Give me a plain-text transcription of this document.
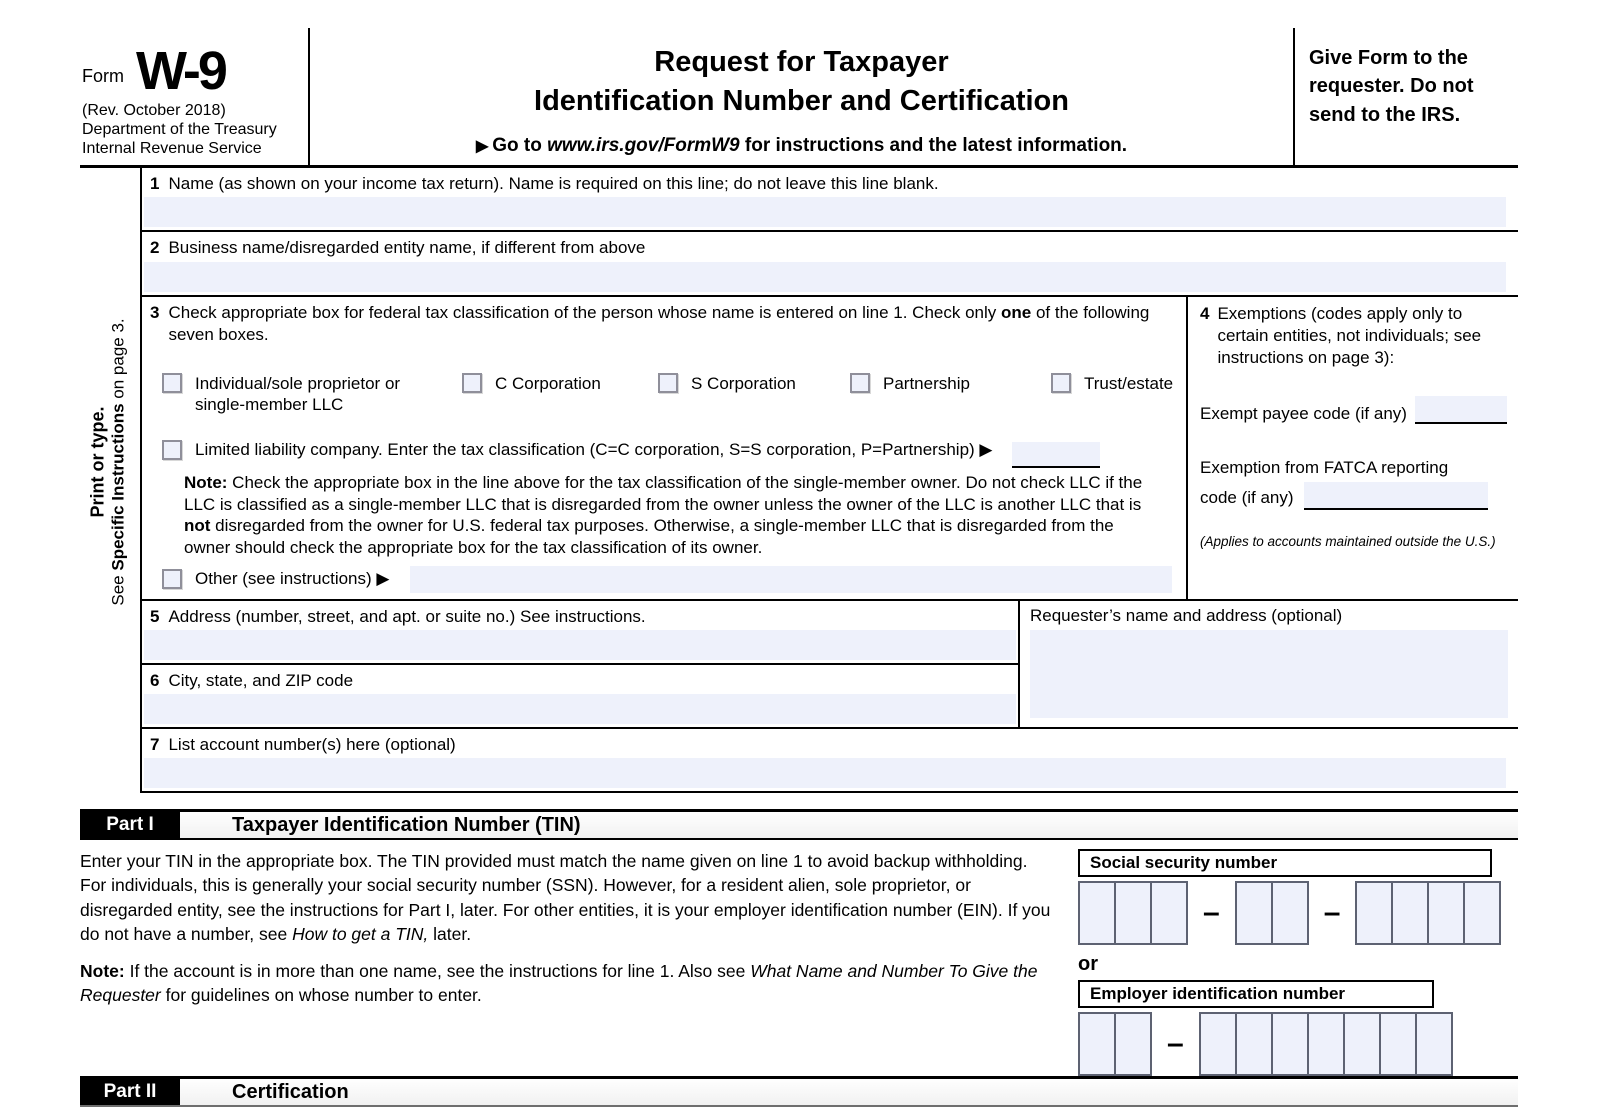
Form W-9
(Rev. October 2018)
Department of the Treasury
Internal Revenue Service
Request for Taxpayer
Identification Number and Certification
▶ Go to www.irs.gov/FormW9 for instructions and the latest information.
Give Form to the requester. Do not send to the IRS.
Print or type.
See Specific Instructions on page 3.
1 Name (as shown on your income tax return). Name is required on this line; do not leave this line blank.
2 Business name/disregarded entity name, if different from above
3 Check appropriate box for federal tax classification of the person whose name is entered on line 1. Check only one of the following seven boxes.
Individual/sole proprietor or single-member LLC
C Corporation	S Corporation	Partnership	Trust/estate
Limited liability company. Enter the tax classification (C=C corporation, S=S corporation, P=Partnership) ▶
Note: Check the appropriate box in the line above for the tax classification of the single-member owner. Do not check LLC if the LLC is classified as a single-member LLC that is disregarded from the owner unless the owner of the LLC is another LLC that is not disregarded from the owner for U.S. federal tax purposes. Otherwise, a single-member LLC that is disregarded from the owner should check the appropriate box for the tax classification of its owner.
Other (see instructions) ▶
4 Exemptions (codes apply only to certain entities, not individuals; see instructions on page 3):
Exempt payee code (if any)
Exemption from FATCA reporting
code (if any)
(Applies to accounts maintained outside the U.S.)
5 Address (number, street, and apt. or suite no.) See instructions.
6 City, state, and ZIP code
Requester’s name and address (optional)
7 List account number(s) here (optional)
Part I	Taxpayer Identification Number (TIN)
Enter your TIN in the appropriate box. The TIN provided must match the name given on line 1 to avoid backup withholding. For individuals, this is generally your social security number (SSN). However, for a resident alien, sole proprietor, or disregarded entity, see the instructions for Part I, later. For other entities, it is your employer identification number (EIN). If you do not have a number, see How to get a TIN, later.
Note: If the account is in more than one name, see the instructions for line 1. Also see What Name and Number To Give the Requester for guidelines on whose number to enter.
Social security number
–	–
or
Employer identification number
–
Part II	Certification
